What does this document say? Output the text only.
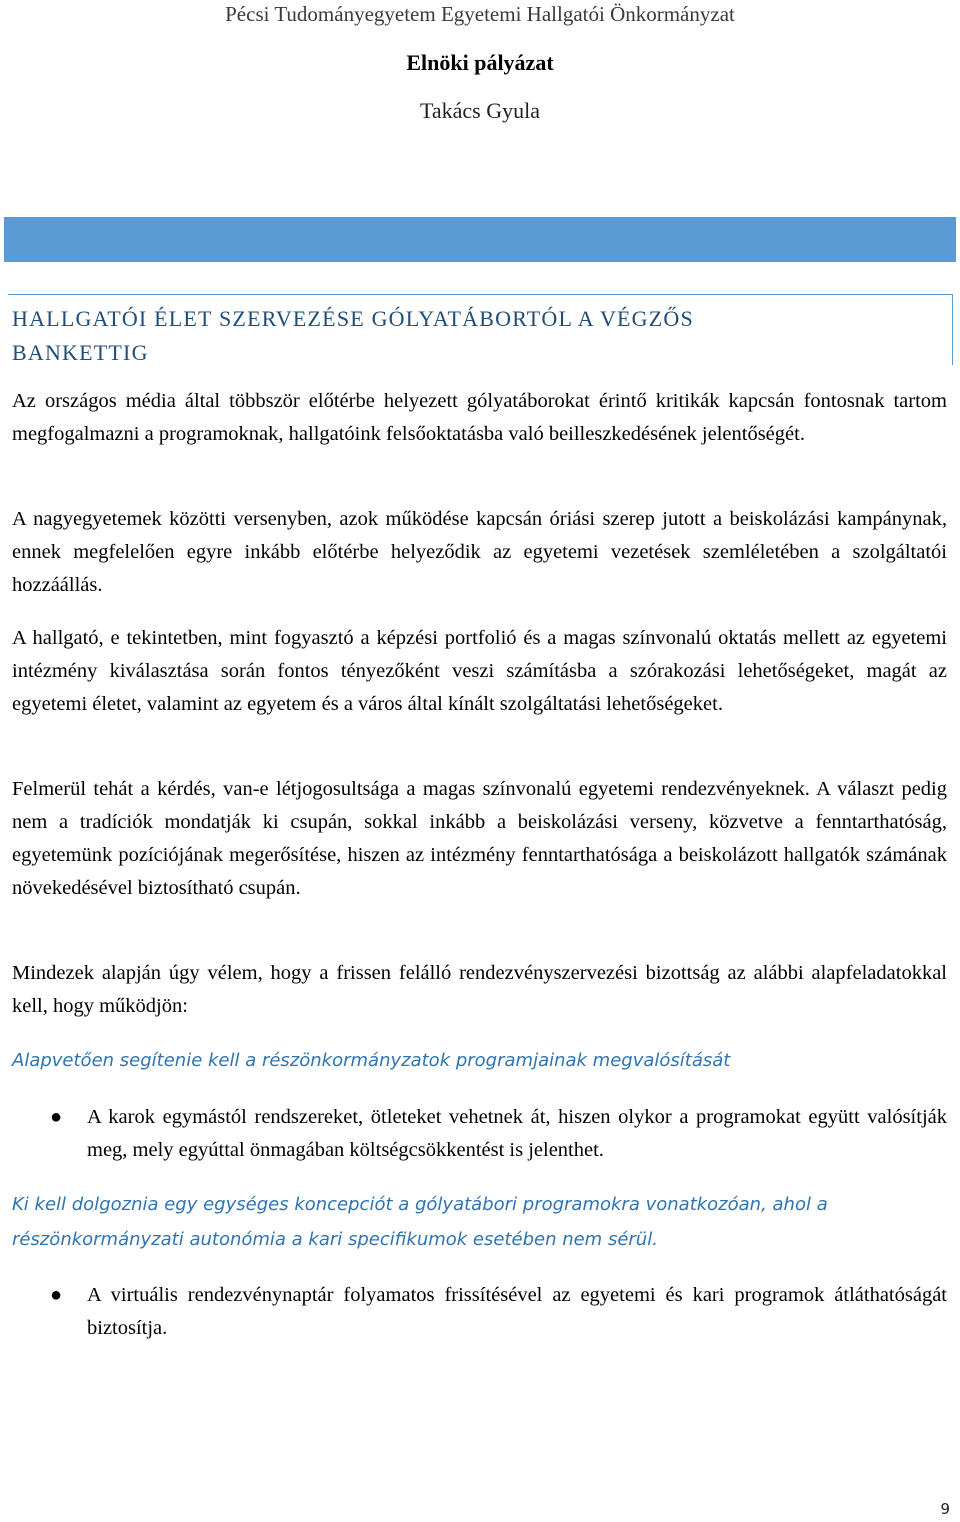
Pécsi Tudományegyetem Egyetemi Hallgatói Önkormányzat
Elnöki pályázat
Takács Gyula
HALLGATÓI ÉLET SZERVEZÉSE GÓLYATÁBORTÓL A VÉGZŐS BANKETTIG

Az országos média által többször előtérbe helyezett gólyatáborokat érintő kritikák kapcsán fontosnak tartom megfogalmazni a programoknak, hallgatóink felsőoktatásba való beilleszkedésének jelentőségét.

A nagyegyetemek közötti versenyben, azok működése kapcsán óriási szerep jutott a beiskolázási kampánynak, ennek megfelelően egyre inkább előtérbe helyeződik az egyetemi vezetések szemléletében a szolgáltatói hozzáállás.

A hallgató, e tekintetben, mint fogyasztó a képzési portfolió és a magas színvonalú oktatás mellett az egyetemi intézmény kiválasztása során fontos tényezőként veszi számításba a szórakozási lehetőségeket, magát az egyetemi életet, valamint az egyetem és a város által kínált szolgáltatási lehetőségeket.

Felmerül tehát a kérdés, van-e létjogosultsága a magas színvonalú egyetemi rendezvényeknek. A választ pedig nem a tradíciók mondatják ki csupán, sokkal inkább a beiskolázási verseny, közvetve a fenntarthatóság, egyetemünk pozíciójának megerősítése, hiszen az intézmény fenntarthatósága a beiskolázott hallgatók számának növekedésével biztosítható csupán.

Mindezek alapján úgy vélem, hogy a frissen felálló rendezvényszervezési bizottság az alábbi alapfeladatokkal kell, hogy működjön:

Alapvetően segítenie kell a részönkormányzatok programjainak megvalósítását

● A karok egymástól rendszereket, ötleteket vehetnek át, hiszen olykor a programokat együtt valósítják meg, mely egyúttal önmagában költségcsökkentést is jelenthet.

Ki kell dolgoznia egy egységes koncepciót a gólyatábori programokra vonatkozóan, ahol a részönkormányzati autonómia a kari specifikumok esetében nem sérül.

● A virtuális rendezvénynaptár folyamatos frissítésével az egyetemi és kari programok átláthatóságát biztosítja.

9
